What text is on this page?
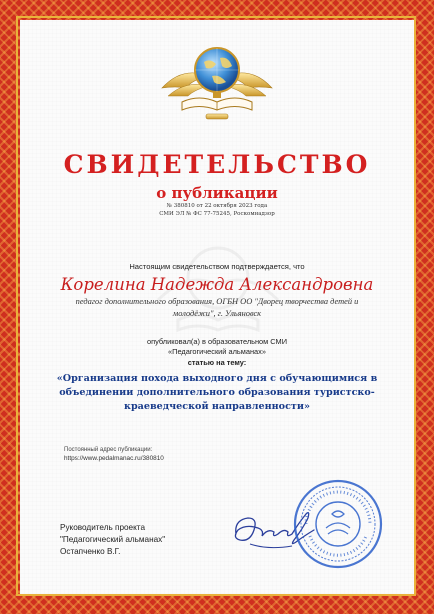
СВИДЕТЕЛЬСТВО
о публикации
№ 380810 от 22 октября 2023 года
СМИ ЭЛ № ФС 77-75245, Роскомнадзор
Настоящим свидетельством подтверждается, что
Корелина Надежда Александровна
педагог дополнительного образования, ОГБН ОО "Дворец творчества детей и молодёжи", г. Ульяновск
опубликовал(а) в образовательном СМИ
«Педагогический альманах»
статью на тему:
«Организация похода выходного дня с обучающимися в объединении дополнительного образования туристско-краеведческой направленности»
Постоянный адрес публикации:
https://www.pedalmanac.ru/380810
Руководитель проекта
"Педагогический альманах"
Остапченко В.Г.
